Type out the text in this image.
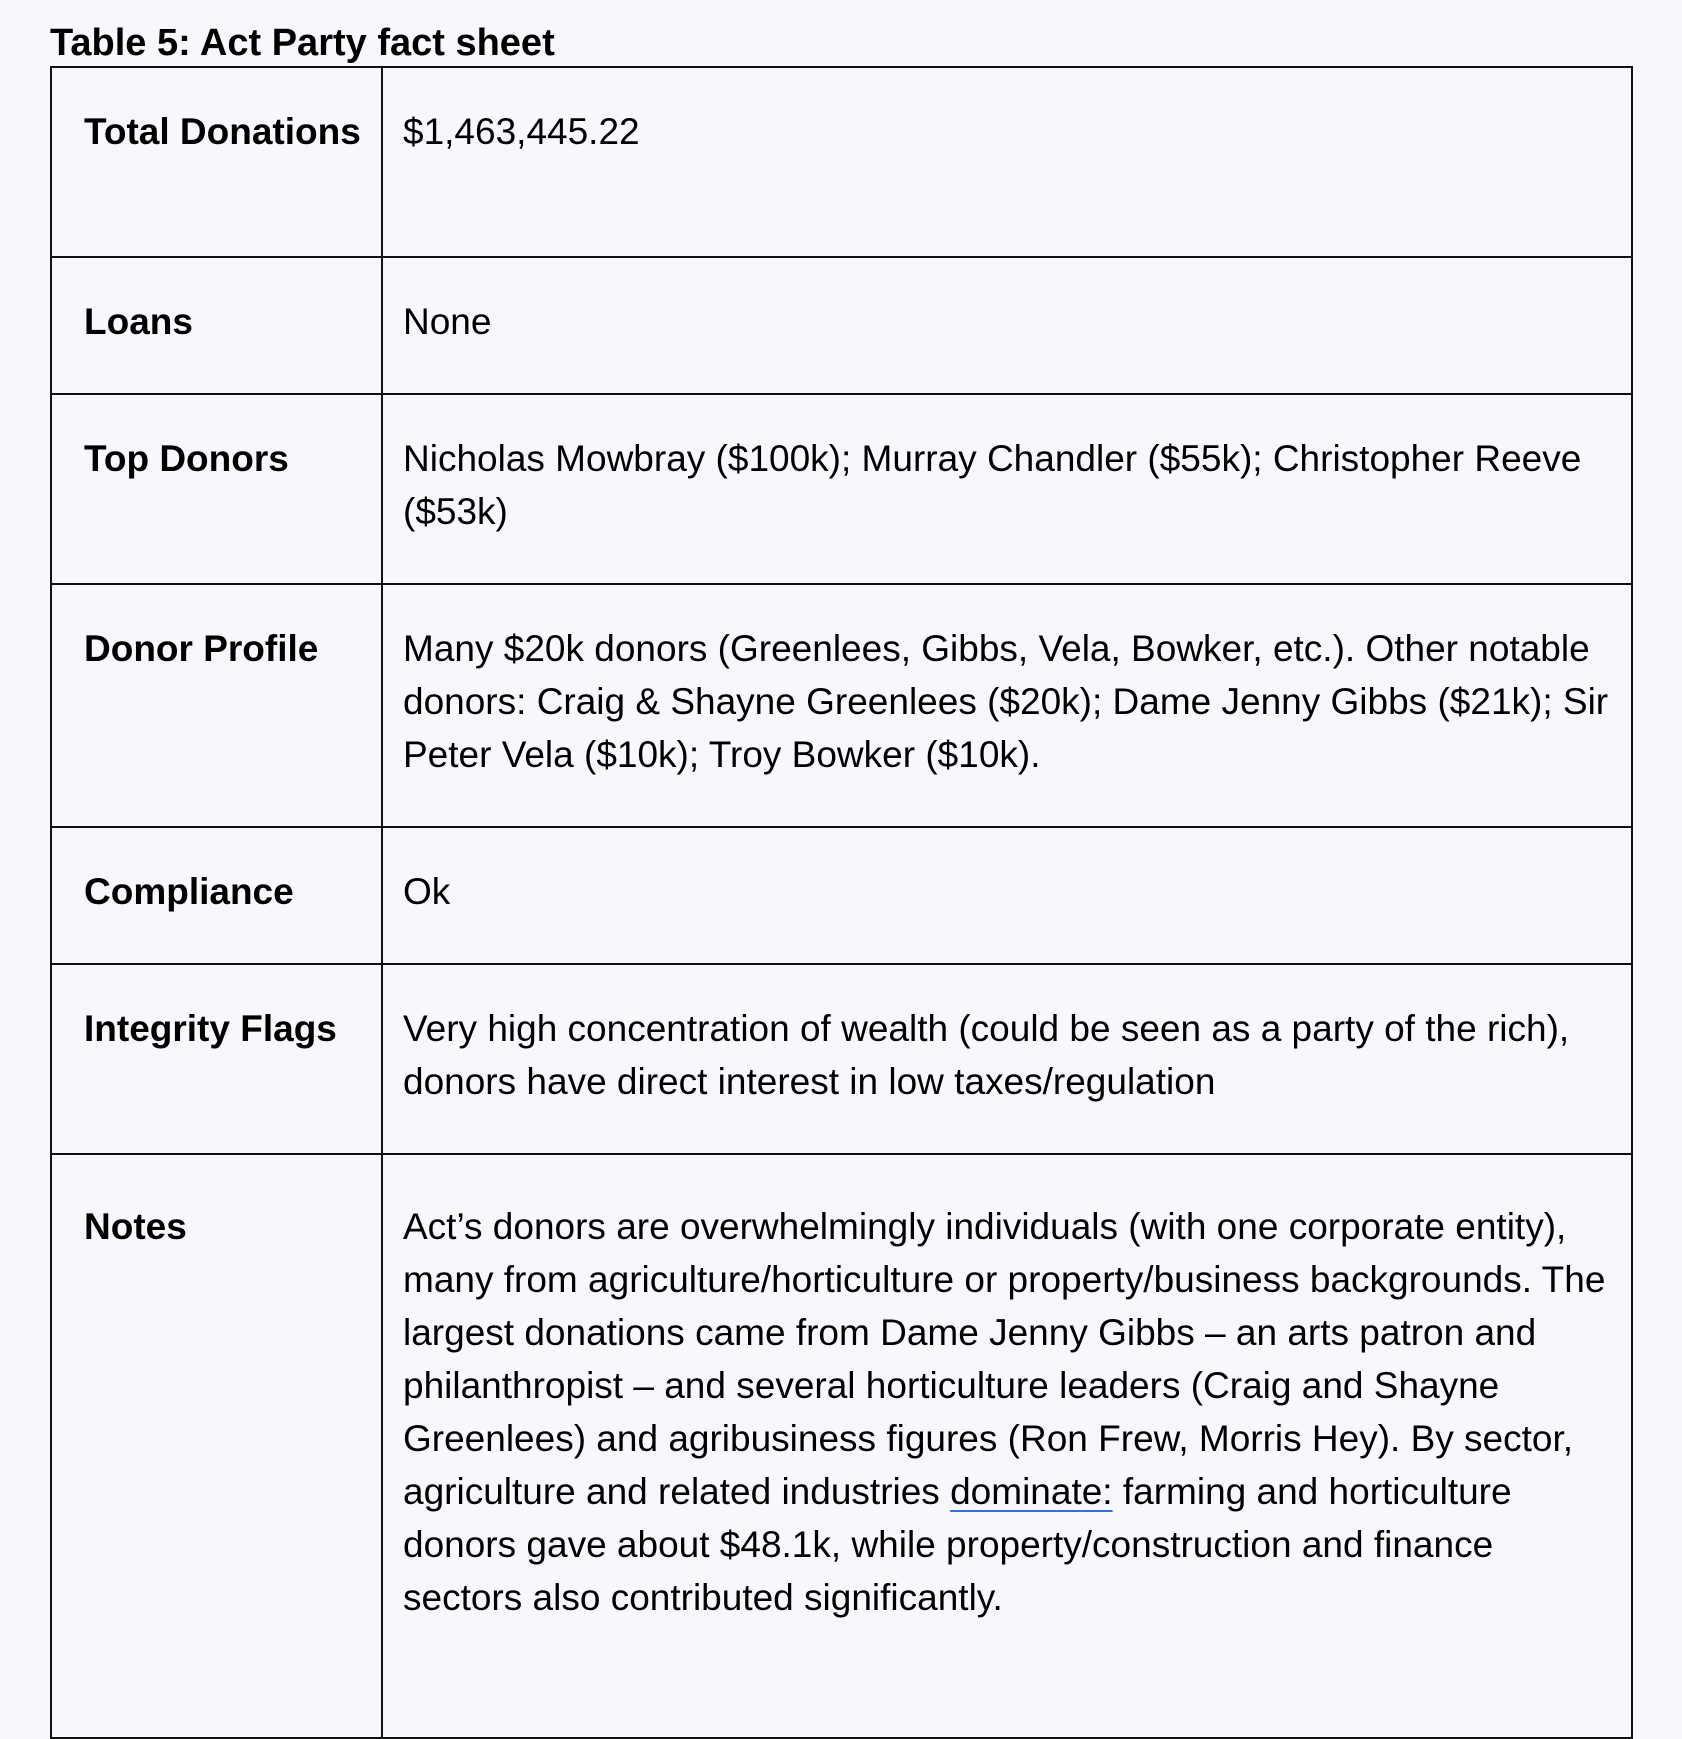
Table 5: Act Party fact sheet
Total Donations	$1,463,445.22
Loans	None
Top Donors	Nicholas Mowbray ($100k); Murray Chandler ($55k); Christopher Reeve ($53k)
Donor Profile	Many $20k donors (Greenlees, Gibbs, Vela, Bowker, etc.). Other notable donors: Craig & Shayne Greenlees ($20k); Dame Jenny Gibbs ($21k); Sir Peter Vela ($10k); Troy Bowker ($10k).
Compliance	Ok
Integrity Flags	Very high concentration of wealth (could be seen as a party of the rich), donors have direct interest in low taxes/regulation
Notes	Act’s donors are overwhelmingly individuals (with one corporate entity), many from agriculture/horticulture or property/business backgrounds. The largest donations came from Dame Jenny Gibbs – an arts patron and philanthropist – and several horticulture leaders (Craig and Shayne Greenlees) and agribusiness figures (Ron Frew, Morris Hey). By sector, agriculture and related industries dominate: farming and horticulture donors gave about $48.1k, while property/construction and finance sectors also contributed significantly.
